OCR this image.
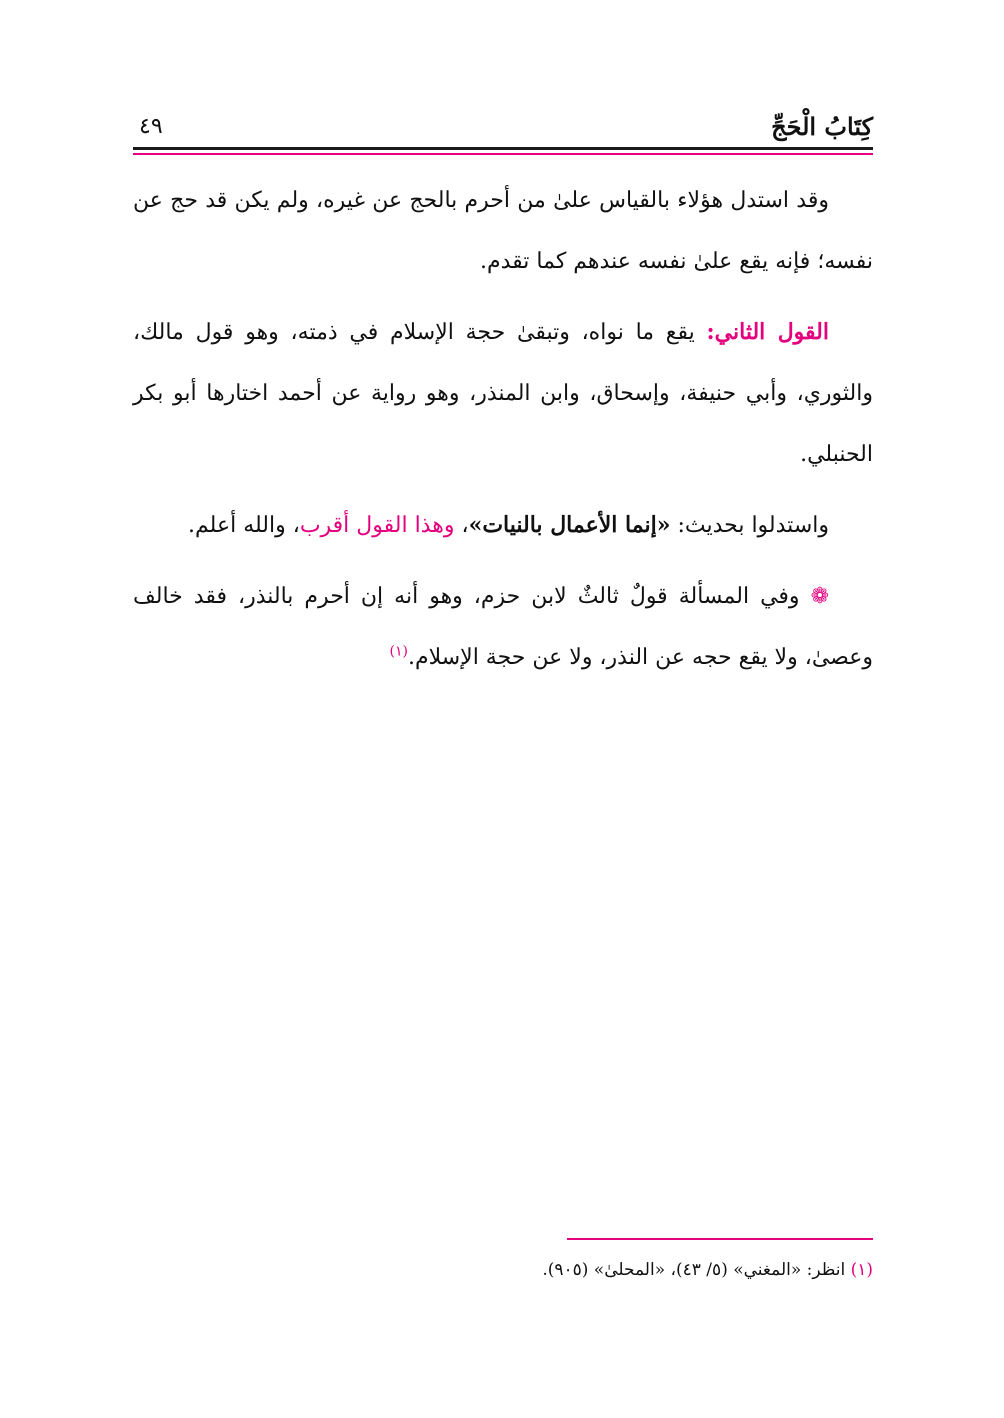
كِتَابُ الْحَجِّ
٤٩

وقد استدل هؤلاء بالقياس علىٰ من أحرم بالحج عن غيره، ولم يكن قد حج عن نفسه؛ فإنه يقع علىٰ نفسه عندهم كما تقدم.

القول الثاني: يقع ما نواه، وتبقىٰ حجة الإسلام في ذمته، وهو قول مالك، والثوري، وأبي حنيفة، وإسحاق، وابن المنذر، وهو رواية عن أحمد اختارها أبو بكر الحنبلي.

واستدلوا بحديث: «إنما الأعمال بالنيات»، وهذا القول أقرب، والله أعلم.

❁ وفي المسألة قولٌ ثالثٌ لابن حزم، وهو أنه إن أحرم بالنذر، فقد خالف وعصىٰ، ولا يقع حجه عن النذر، ولا عن حجة الإسلام.$^{(١)}$

(١) انظر: «المغني» (٥/ ٤٣)، «المحلىٰ» (٩٠٥).
